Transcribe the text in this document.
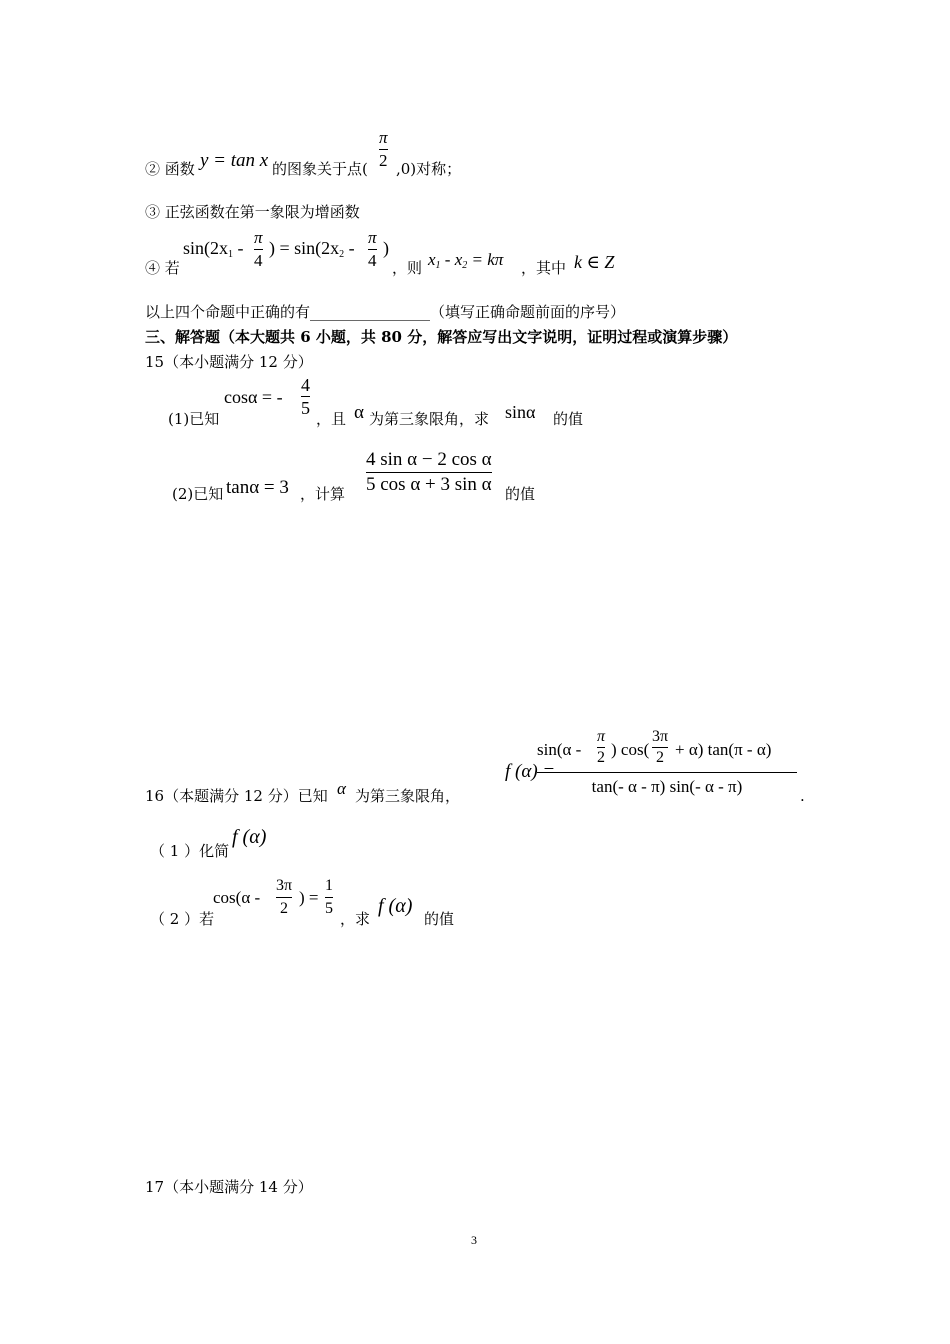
② 函数 y = tan x 的图象关于点(
π
2 ,0)对称；
③ 正弦函数在第一象限为增函数
④ 若
$\sin(2x_1$ -
π
4
) = $\sin(2x_2$ -
π
4
)
，则 $x_1 - x_2 = k\pi$ ，其中 k ∈ Z
以上四个命题中正确的有________________（填写正确命题前面的序号）
三、解答题（本大题共 6 小题，共 80 分，解答应写出文字说明，证明过程或演算步骤）
15（本小题满分 12 分）
(1)已知
cosα = -
4
5
，且 α 为第三象限角，求 sinα 的值
(2)已知 tanα = 3 ，计算
4 sin α − 2 cos α
5 cos α + 3 sin α 的值
16（本题满分 12 分）已知 α 为第三象限角，
f (α) =
sin(α -
π
2 ) cos(
3π
2 + α) tan(π - α)
tan(- α - π) sin(- α - π)	.
（ 1 ）化简
f (α)
（ 2 ）若
cos(α -
3π
2
) =
1
5
，求
f (α)
的值
17（本小题满分 14 分）
3
